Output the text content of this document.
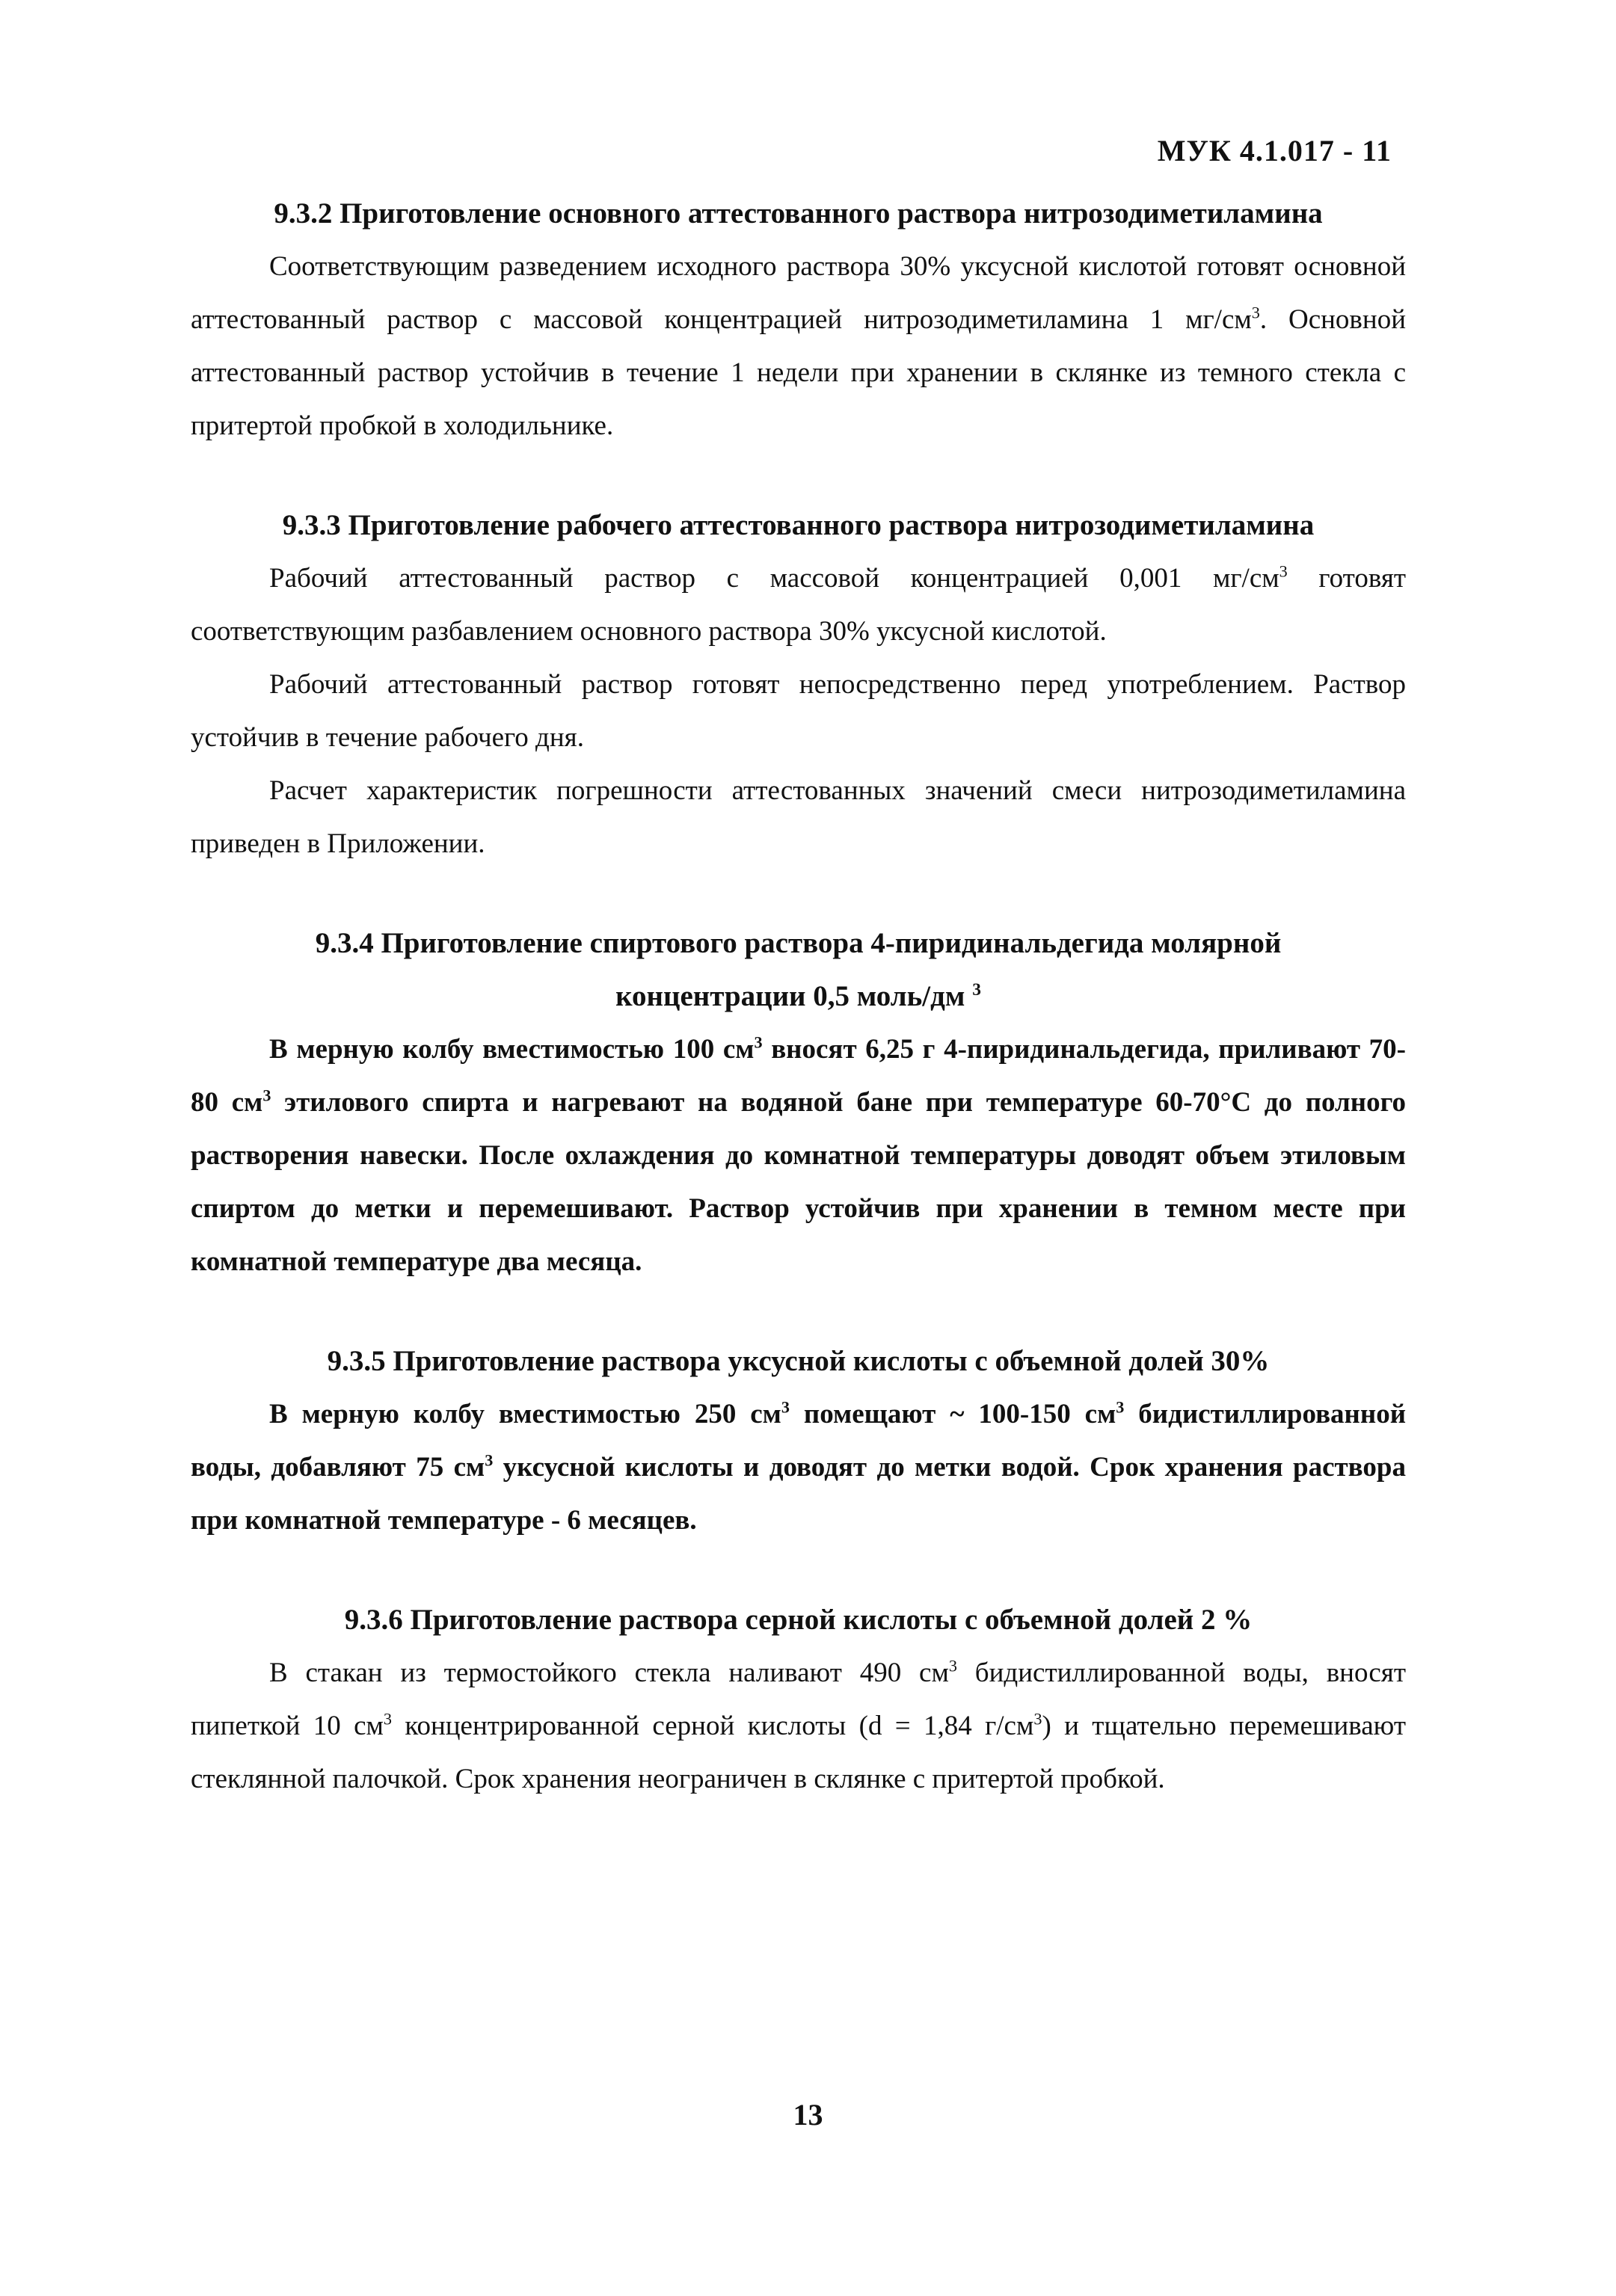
МУК 4.1.017 - 11
9.3.2 Приготовление основного аттестованного раствора нитрозодиметиламина

Соответствующим разведением исходного раствора 30% уксусной кислотой готовят основной аттестованный раствор с массовой концентрацией нитрозодиметиламина 1 $мг/см^3$. Основной аттестованный раствор устойчив в течение 1 недели при хранении в склянке из темного стекла с притертой пробкой в холодильнике.

9.3.3 Приготовление рабочего аттестованного раствора нитрозодиметиламина

Рабочий аттестованный раствор с массовой концентрацией 0,001 $мг/см^3$ готовят соответствующим разбавлением основного раствора 30% уксусной кислотой.

Рабочий аттестованный раствор готовят непосредственно перед употреблением. Раствор устойчив в течение рабочего дня.

Расчет характеристик погрешности аттестованных значений смеси нитрозодиметиламина приведен в Приложении.

9.3.4 Приготовление спиртового раствора 4-пиридинальдегида молярной концентрации 0,5 моль/дм $^3$

В мерную колбу вместимостью 100 $см^3$ вносят 6,25 г 4-пиридинальдегида, приливают 70-80 $см^3$ этилового спирта и нагревают на водяной бане при температуре 60-70°С до полного растворения навески. После охлаждения до комнатной температуры доводят объем этиловым спиртом до метки и перемешивают. Раствор устойчив при хранении в темном месте при комнатной температуре два месяца.

9.3.5 Приготовление раствора уксусной кислоты с объемной долей 30%

В мерную колбу вместимостью 250 $см^3$ помещают ~ 100-150 $см^3$ бидистиллированной воды, добавляют 75 $см^3$ уксусной кислоты и доводят до метки водой. Срок хранения раствора при комнатной температуре - 6 месяцев.

9.3.6 Приготовление раствора серной кислоты с объемной долей 2 %

В стакан из термостойкого стекла наливают 490 $см^3$ бидистиллированной воды, вносят пипеткой 10 $см^3$ концентрированной серной кислоты (d = 1,84 $г/см^3$) и тщательно перемешивают стеклянной палочкой. Срок хранения неограничен в склянке с притертой пробкой.

13
